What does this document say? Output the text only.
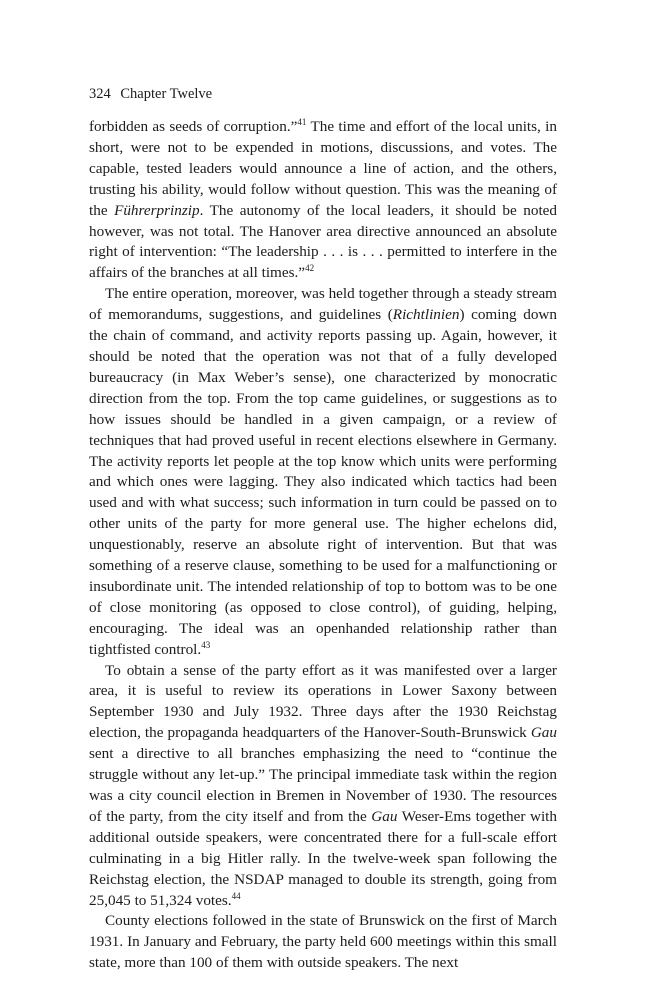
324 Chapter Twelve

forbidden as seeds of corruption.”$^{41}$ The time and effort of the local units, in short, were not to be expended in motions, discussions, and votes. The capable, tested leaders would announce a line of action, and the others, trusting his ability, would follow without question. This was the meaning of the Führerprinzip. The autonomy of the local leaders, it should be noted however, was not total. The Hanover area directive announced an absolute right of intervention: “The leadership . . . is . . . permitted to interfere in the affairs of the branches at all times.”$^{42}$

The entire operation, moreover, was held together through a steady stream of memorandums, suggestions, and guidelines (Richtlinien) coming down the chain of command, and activity reports passing up. Again, however, it should be noted that the operation was not that of a fully developed bureaucracy (in Max Weber’s sense), one characterized by monocratic direction from the top. From the top came guidelines, or suggestions as to how issues should be handled in a given campaign, or a review of techniques that had proved useful in recent elections elsewhere in Germany. The activity reports let people at the top know which units were performing and which ones were lagging. They also indicated which tactics had been used and with what success; such information in turn could be passed on to other units of the party for more general use. The higher echelons did, unquestionably, reserve an absolute right of intervention. But that was something of a reserve clause, something to be used for a malfunctioning or insubordinate unit. The intended relationship of top to bottom was to be one of close monitoring (as opposed to close control), of guiding, helping, encouraging. The ideal was an openhanded relationship rather than tightfisted control.$^{43}$

To obtain a sense of the party effort as it was manifested over a larger area, it is useful to review its operations in Lower Saxony between September 1930 and July 1932. Three days after the 1930 Reichstag election, the propaganda headquarters of the Hanover-South-Brunswick Gau sent a directive to all branches emphasizing the need to “continue the struggle without any let-up.” The principal immediate task within the region was a city council election in Bremen in November of 1930. The resources of the party, from the city itself and from the Gau Weser-Ems together with additional outside speakers, were concentrated there for a full-scale effort culminating in a big Hitler rally. In the twelve-week span following the Reichstag election, the NSDAP managed to double its strength, going from 25,045 to 51,324 votes.$^{44}$

County elections followed in the state of Brunswick on the first of March 1931. In January and February, the party held 600 meetings within this small state, more than 100 of them with outside speakers. The next
